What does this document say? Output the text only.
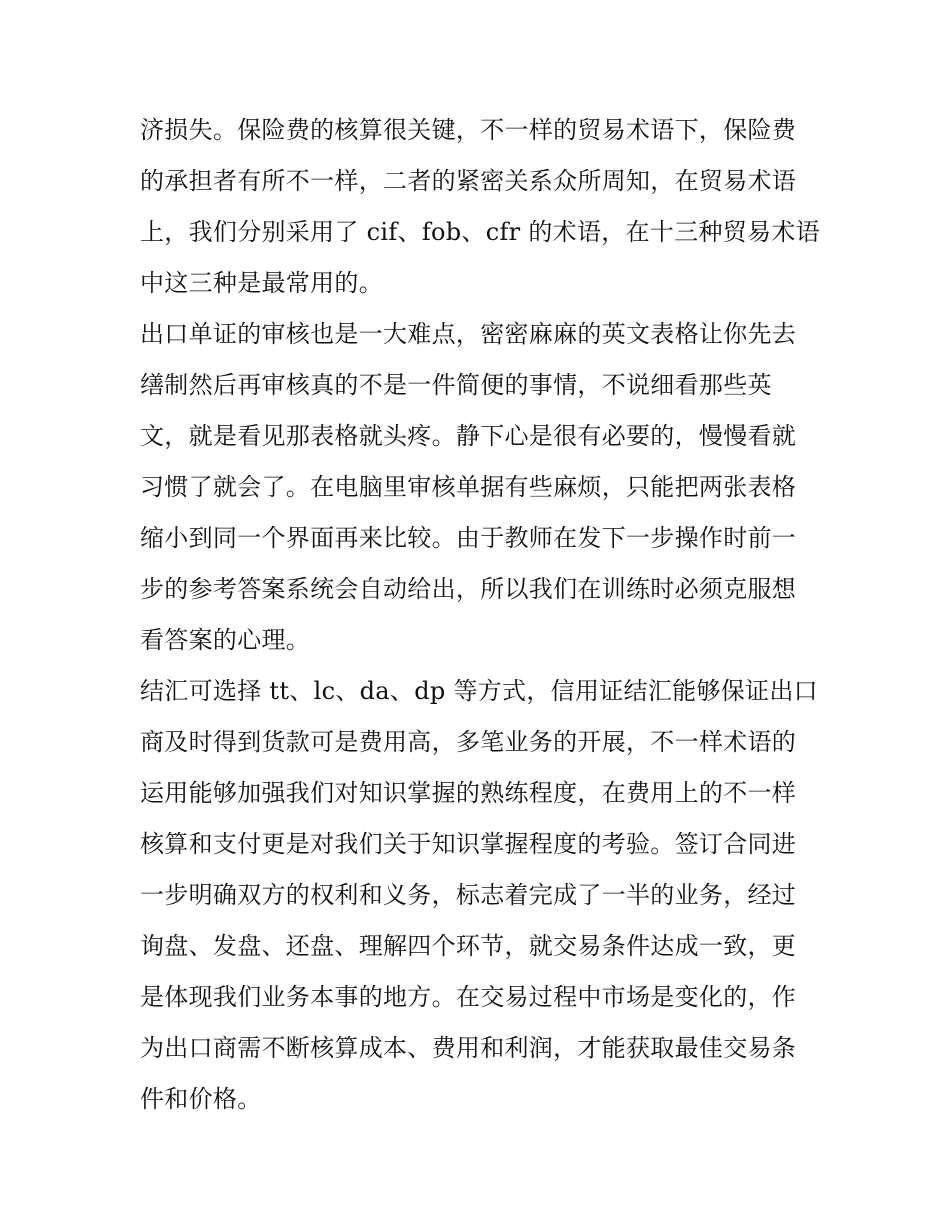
济损失。保险费的核算很关键，不一样的贸易术语下，保险费
的承担者有所不一样，二者的紧密关系众所周知，在贸易术语
上，我们分别采用了 cif、fob、cfr 的术语，在十三种贸易术语
中这三种是最常用的。
出口单证的审核也是一大难点，密密麻麻的英文表格让你先去
缮制然后再审核真的不是一件简便的事情，不说细看那些英
文，就是看见那表格就头疼。静下心是很有必要的，慢慢看就
习惯了就会了。在电脑里审核单据有些麻烦，只能把两张表格
缩小到同一个界面再来比较。由于教师在发下一步操作时前一
步的参考答案系统会自动给出，所以我们在训练时必须克服想
看答案的心理。
结汇可选择 tt、lc、da、dp 等方式，信用证结汇能够保证出口
商及时得到货款可是费用高，多笔业务的开展，不一样术语的
运用能够加强我们对知识掌握的熟练程度，在费用上的不一样
核算和支付更是对我们关于知识掌握程度的考验。签订合同进
一步明确双方的权利和义务，标志着完成了一半的业务，经过
询盘、发盘、还盘、理解四个环节，就交易条件达成一致，更
是体现我们业务本事的地方。在交易过程中市场是变化的，作
为出口商需不断核算成本、费用和利润，才能获取最佳交易条
件和价格。
